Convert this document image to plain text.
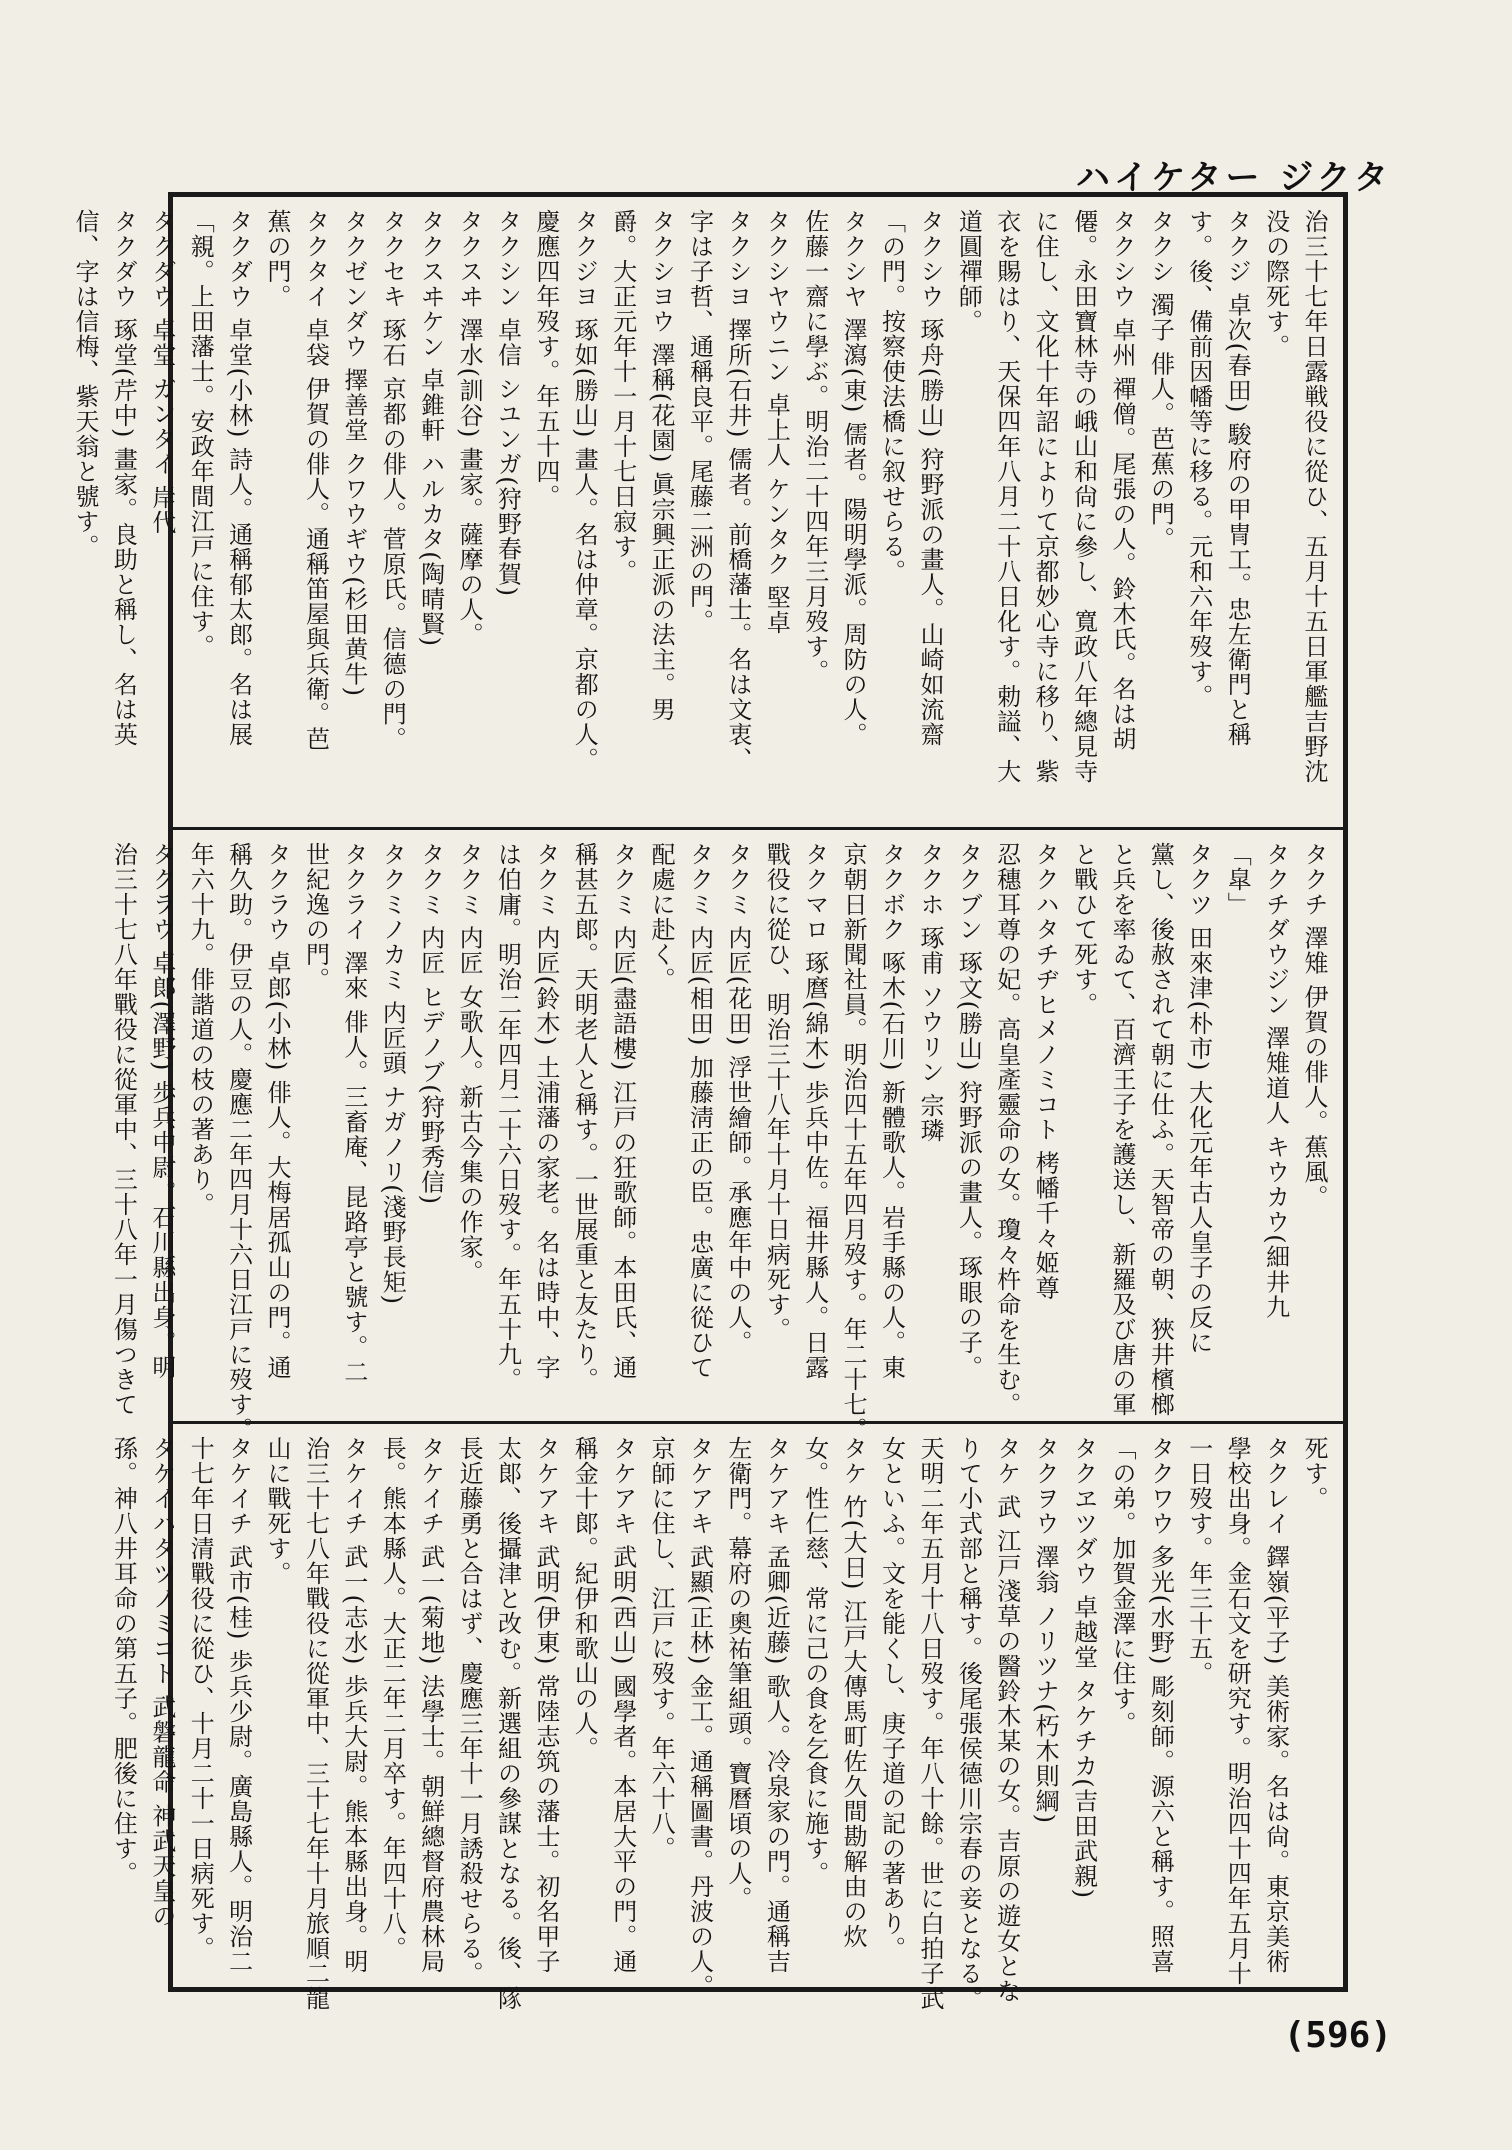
ハイケター ジクタ

治三十七年日露戦役に從ひ、五月十五日軍艦吉野沈

没の際死す。

タクジ 卓次(春田) 駿府の甲冑工。忠左衛門と稱

す。後、備前因幡等に移る。元和六年歿す。

タクシ 濁子 俳人。芭蕉の門。

タクシウ 卓州 禪僧。尾張の人。鈴木氏。名は胡

僊。永田寶林寺の峨山和尙に參し、寬政八年總見寺

に住し、文化十年詔によりて京都妙心寺に移り、紫

衣を賜はり、天保四年八月二十八日化す。勅謚、大

道圓禪師。

タクシウ 琢舟(勝山) 狩野派の畫人。山崎如流齋

「の門。按察使法橋に叙せらる。

タクシヤ 澤瀉(東) 儒者。陽明學派。周防の人。

佐藤一齋に學ぶ。明治二十四年三月歿す。

タクシヤウニン 卓上人 ケンタク 堅卓

タクシヨ 擇所(石井) 儒者。前橋藩士。名は文衷、

字は子哲、通稱良平。尾藤二洲の門。

タクシヨウ 澤稱(花園) 眞宗興正派の法主。男

爵。大正元年十一月十七日寂す。

タクジヨ 琢如(勝山) 畫人。名は仲章。京都の人。

慶應四年歿す。年五十四。

タクシン 卓信 シユンガ(狩野春賀)

タクスヰ 澤水(訓谷) 畫家。薩摩の人。

タクスヰケン 卓錐軒 ハルカタ(陶晴賢)

タクセキ 琢石 京都の俳人。菅原氏。信德の門。

タクゼンダウ 擇善堂 クワウギウ(杉田黄牛)

タクタイ 卓袋 伊賀の俳人。通稱笛屋與兵衛。芭

蕉の門。

タクダウ 卓堂(小林) 詩人。通稱郁太郎。名は展

「親。上田藩士。安政年間江戸に住す。

タクダウ 卓堂 ガンタイ 岸代

タクダウ 琢堂(芹中) 畫家。良助と稱し、名は英

信、字は信梅、紫天翁と號す。

タクチ 澤雉 伊賀の俳人。蕉風。

タクチダウジン 澤雉道人 キウカウ(細井九

「皐」

タクツ 田來津(朴市) 大化元年古人皇子の反に

黨し、後赦されて朝に仕ふ。天智帝の朝、狹井檳榔

と兵を率ゐて、百濟王子を護送し、新羅及び唐の軍

と戰ひて死す。

タクハタチヂヒメノミコト 栲幡千々姬尊

忍穗耳尊の妃。高皇產靈命の女。瓊々杵命を生む。

タクブン 琢文(勝山) 狩野派の畫人。琢眼の子。

タクホ 琢甫 ソウリン 宗璘

タクボク 啄木(石川) 新體歌人。岩手縣の人。東

京朝日新聞社員。明治四十五年四月歿す。年二十七。

タクマロ 琢麿(綿木) 歩兵中佐。福井縣人。日露

戰役に從ひ、明治三十八年十月十日病死す。

タクミ 内匠(花田) 浮世繪師。承應年中の人。

タクミ 内匠(相田) 加藤淸正の臣。忠廣に從ひて

配處に赴く。

タクミ 内匠(盡語樓) 江戸の狂歌師。本田氏、通

稱甚五郞。天明老人と稱す。一世展重と友たり。

タクミ 内匠(鈴木) 土浦藩の家老。名は時中、字

は伯庸。明治二年四月二十六日歿す。年五十九。

タクミ 内匠 女歌人。新古今集の作家。

タクミ 内匠 ヒデノブ(狩野秀信)

タクミノカミ 内匠頭 ナガノリ(淺野長矩)

タクライ 澤來 俳人。三畜庵、昆路亭と號す。二

世紀逸の門。

タクラウ 卓郎(小林) 俳人。大梅居孤山の門。通

稱久助。伊豆の人。慶應二年四月十六日江戸に歿す。

年六十九。俳諧道の枝の著あり。

タクラウ 卓郞(澤野) 歩兵中尉。石川縣出身。明

治三十七八年戰役に從軍中、三十八年一月傷つきて

死す。

タクレイ 鐸嶺(平子) 美術家。名は尙。東京美術

學校出身。金石文を研究す。明治四十四年五月十

一日歿す。年三十五。

タクワウ 多光(水野) 彫刻師。源六と稱す。照喜

「の弟。加賀金澤に住す。

タクヱツダウ 卓越堂 タケチカ(吉田武親)

タクヲウ 澤翁 ノリツナ(朽木則綱)

タケ 武 江戸淺草の醫鈴木某の女。吉原の遊女とな

りて小式部と稱す。後尾張侯德川宗春の妾となる。

天明二年五月十八日歿す。年八十餘。世に白拍子武

女といふ。文を能くし、庚子道の記の著あり。

タケ 竹(大日) 江戸大傳馬町佐久間勘解由の炊

女。性仁慈、常に己の食を乞食に施す。

タケアキ 孟卿(近藤) 歌人。冷泉家の門。通稱吉

左衛門。幕府の奧祐筆組頭。寶曆頃の人。

タケアキ 武顯(正林) 金工。通稱圖書。丹波の人。

京師に住し、江戸に歿す。年六十八。

タケアキ 武明(西山) 國學者。本居大平の門。通

稱金十郞。紀伊和歌山の人。

タケアキ 武明(伊東) 常陸志筑の藩士。初名甲子

太郞、後攝津と改む。新選組の參謀となる。後、隊

長近藤勇と合はず、慶應三年十一月誘殺せらる。

タケイチ 武一(菊地) 法學士。朝鮮總督府農林局

長。熊本縣人。大正二年二月卒す。年四十八。

タケイチ 武一(志水) 歩兵大尉。熊本縣出身。明

治三十七八年戰役に從軍中、三十七年十月旅順二龍

山に戰死す。

タケイチ 武市(桂) 歩兵少尉。廣島縣人。明治二

十七年日清戰役に從ひ、十月二十一日病死す。

タケイハタツノミコト 武磐龍命 神武天皇の

孫。神八井耳命の第五子。肥後に住す。

(596)
